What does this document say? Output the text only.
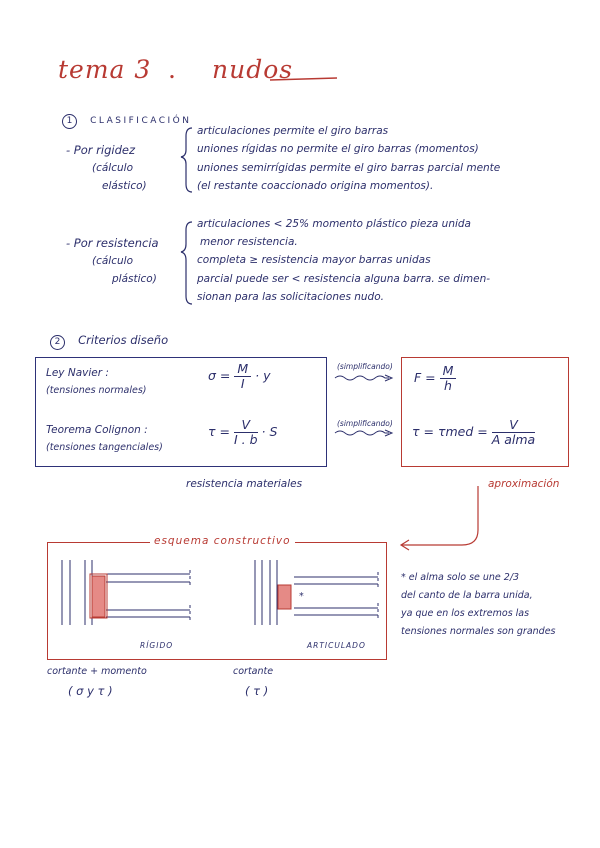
tema 3 . nudos
1 CLASIFICACIÓN
- Por rigidez
(cálculo
elástico)
articulaciones permite el giro barras
uniones rígidas no permite el giro barras (momentos)
uniones semirrígidas permite el giro barras parcial mente
(el restante coaccionado origina momentos).
- Por resistencia
(cálculo
plástico)
articulaciones < 25% momento plástico pieza unida
menor resistencia.
completa ≥ resistencia mayor barras unidas
parcial puede ser < resistencia alguna barra. se dimen-
sionan para las solicitaciones nudo.
2 Criterios diseño
Ley Navier :
(tensiones normales)
$\sigma = \frac{M}{I} \cdot y$
Teorema Colignon :
(tensiones tangenciales)
$\tau = \frac{V}{I . b} \cdot S$
(simplificando)
(simplificando)
$F = \frac{M}{h}$
$\tau = \tau med = \frac{V}{\text{A alma}}$
resistencia materiales	aproximación
esquema constructivo
RÍGIDO	ARTICULADO
*
* el alma solo se une 2/3
del canto de la barra unida,
ya que en los extremos las
tensiones normales son grandes
cortante + momento
( σ y τ )
cortante
( τ )
